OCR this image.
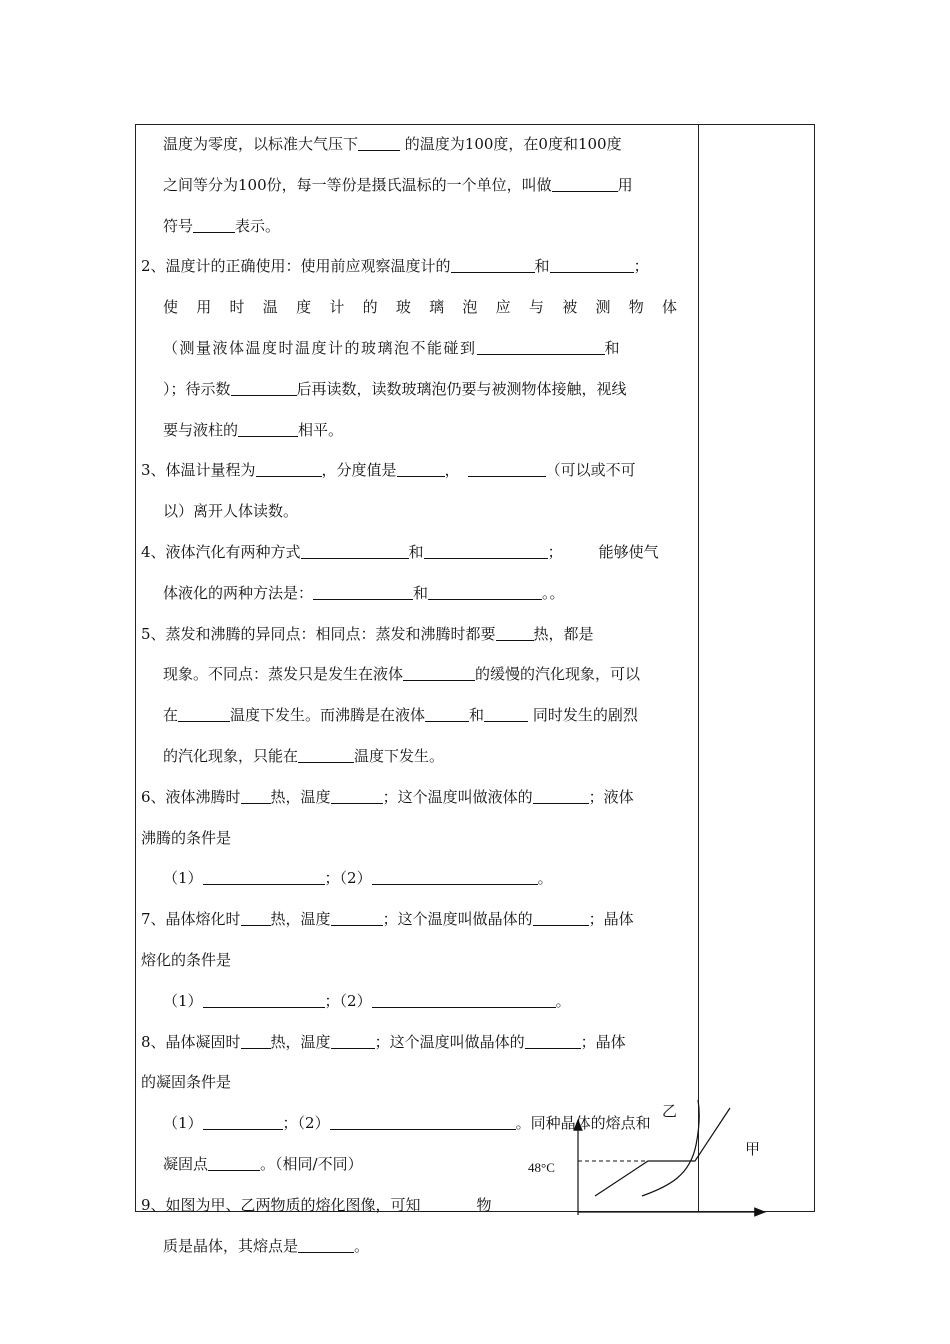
温度为零度，以标准大气压下	的温度为100度，在0度和100度
之间等分为100份，每一等份是摄氏温标的一个单位，叫做	用
符号	表示。
2、温度计的正确使用：使用前应观察温度计的	和	；
使用时温度计的玻璃泡应与被测物体
（测量液体温度时温度计的玻璃泡不能碰到	和
）；待示数	后再读数，读数玻璃泡仍要与被测物体接触，视线
要与液柱的	相平。
3、体温计量程为	，分度值是	，	（可以或不可
以）离开人体读数。
4、液体汽化有两种方式	和	； 能够使气
体液化的两种方法是：	和	。。
5、蒸发和沸腾的异同点：相同点：蒸发和沸腾时都要	热，都是
现象。不同点：蒸发只是发生在液体	的缓慢的汽化现象，可以
在	温度下发生。而沸腾是在液体	和	同时发生的剧烈
的汽化现象，只能在	温度下发生。
6、液体沸腾时 热，温度	；这个温度叫做液体的	；液体
沸腾的条件是
（1）	；（2）	。
7、晶体熔化时 热，温度	；这个温度叫做晶体的	；晶体
熔化的条件是
（1）	；（2）	。
8、晶体凝固时 热，温度	；这个温度叫做晶体的	；晶体
的凝固条件是
（1）	；（2）	。同种晶体的熔点和
凝固点	。（相同/不同）
9、如图为甲、乙两物质的熔化图像，可知	物
质是晶体，其熔点是	。
乙
甲
48°C
